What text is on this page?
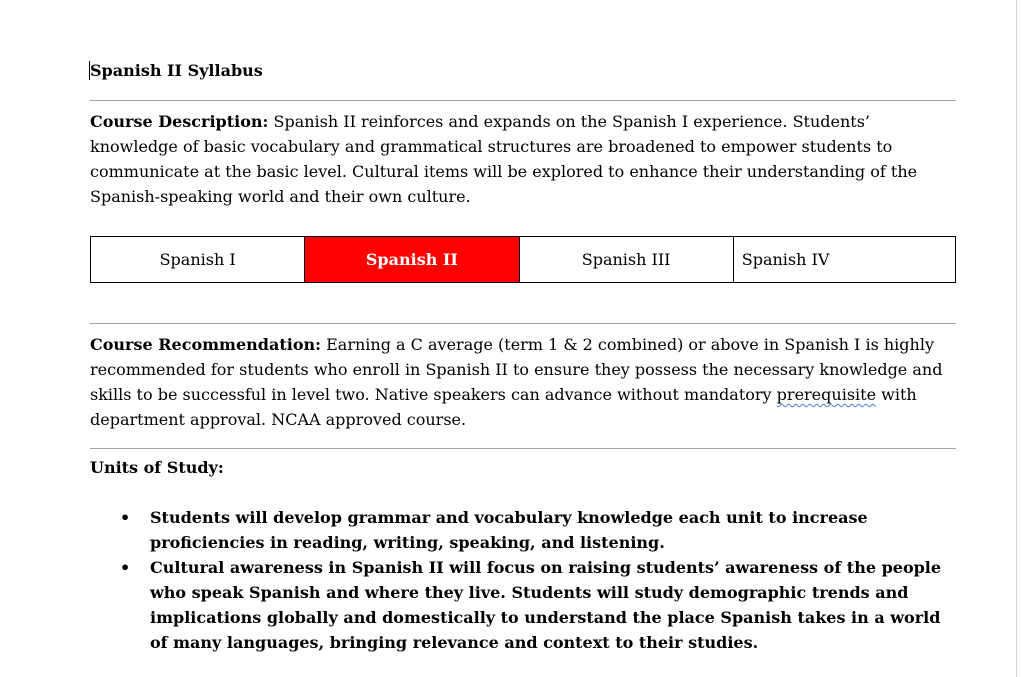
Spanish II Syllabus

Course Description: Spanish II reinforces and expands on the Spanish I experience. Students’ knowledge of basic vocabulary and grammatical structures are broadened to empower students to communicate at the basic level. Cultural items will be explored to enhance their understanding of the Spanish-speaking world and their own culture.

Spanish I	Spanish II	Spanish III	Spanish IV

Course Recommendation: Earning a C average (term 1 & 2 combined) or above in Spanish I is highly recommended for students who enroll in Spanish II to ensure they possess the necessary knowledge and skills to be successful in level two. Native speakers can advance without mandatory prerequisite with department approval. NCAA approved course.

Units of Study:

• Students will develop grammar and vocabulary knowledge each unit to increase proficiencies in reading, writing, speaking, and listening.
• Cultural awareness in Spanish II will focus on raising students’ awareness of the people who speak Spanish and where they live. Students will study demographic trends and implications globally and domestically to understand the place Spanish takes in a world of many languages, bringing relevance and context to their studies.
